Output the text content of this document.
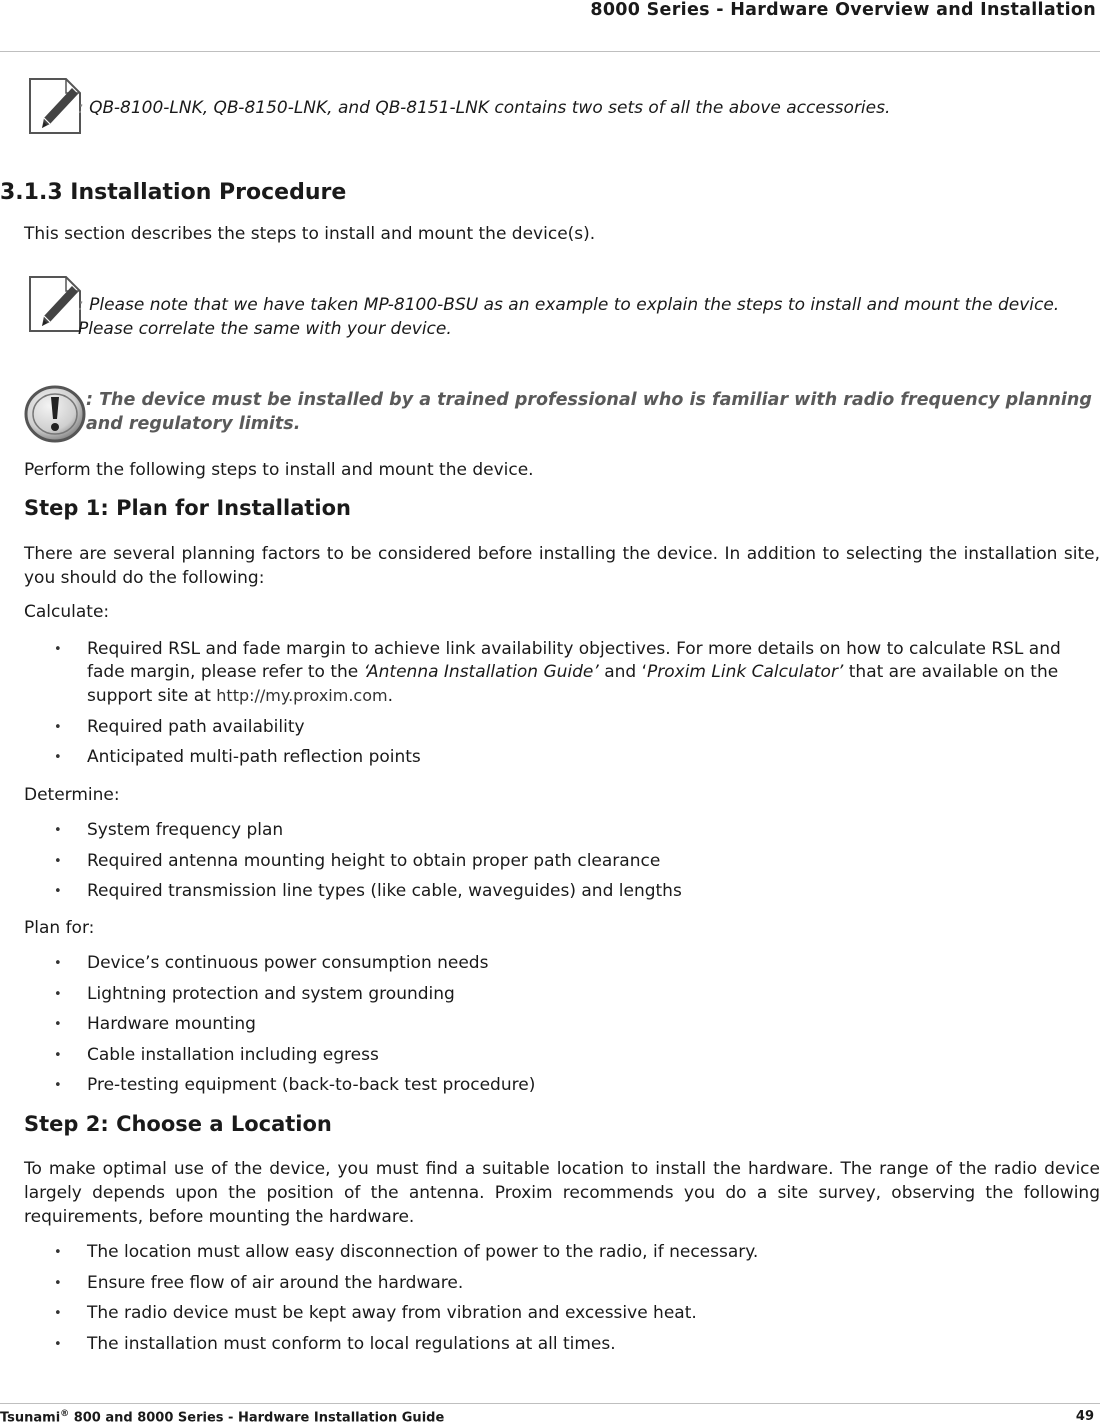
8000 Series - Hardware Overview and Installation
: QB-8100-LNK, QB-8150-LNK, and QB-8151-LNK contains two sets of all the above accessories.
3.1.3 Installation Procedure
This section describes the steps to install and mount the device(s).
: Please note that we have taken MP-8100-BSU as an example to explain the steps to install and mount the device. Please correlate the same with your device.
: The device must be installed by a trained professional who is familiar with radio frequency planning and regulatory limits.
Perform the following steps to install and mount the device.
Step 1: Plan for Installation
There are several planning factors to be considered before installing the device. In addition to selecting the installation site, you should do the following:
Calculate:
• Required RSL and fade margin to achieve link availability objectives. For more details on how to calculate RSL and fade margin, please refer to the ‘Antenna Installation Guide’ and ‘Proxim Link Calculator’ that are available on the support site at http://my.proxim.com.
• Required path availability
• Anticipated multi-path reflection points
Determine:
• System frequency plan
• Required antenna mounting height to obtain proper path clearance
• Required transmission line types (like cable, waveguides) and lengths
Plan for:
• Device’s continuous power consumption needs
• Lightning protection and system grounding
• Hardware mounting
• Cable installation including egress
• Pre-testing equipment (back-to-back test procedure)
Step 2: Choose a Location
To make optimal use of the device, you must find a suitable location to install the hardware. The range of the radio device largely depends upon the position of the antenna. Proxim recommends you do a site survey, observing the following requirements, before mounting the hardware.
• The location must allow easy disconnection of power to the radio, if necessary.
• Ensure free flow of air around the hardware.
• The radio device must be kept away from vibration and excessive heat.
• The installation must conform to local regulations at all times.
Tsunami® 800 and 8000 Series - Hardware Installation Guide	49
